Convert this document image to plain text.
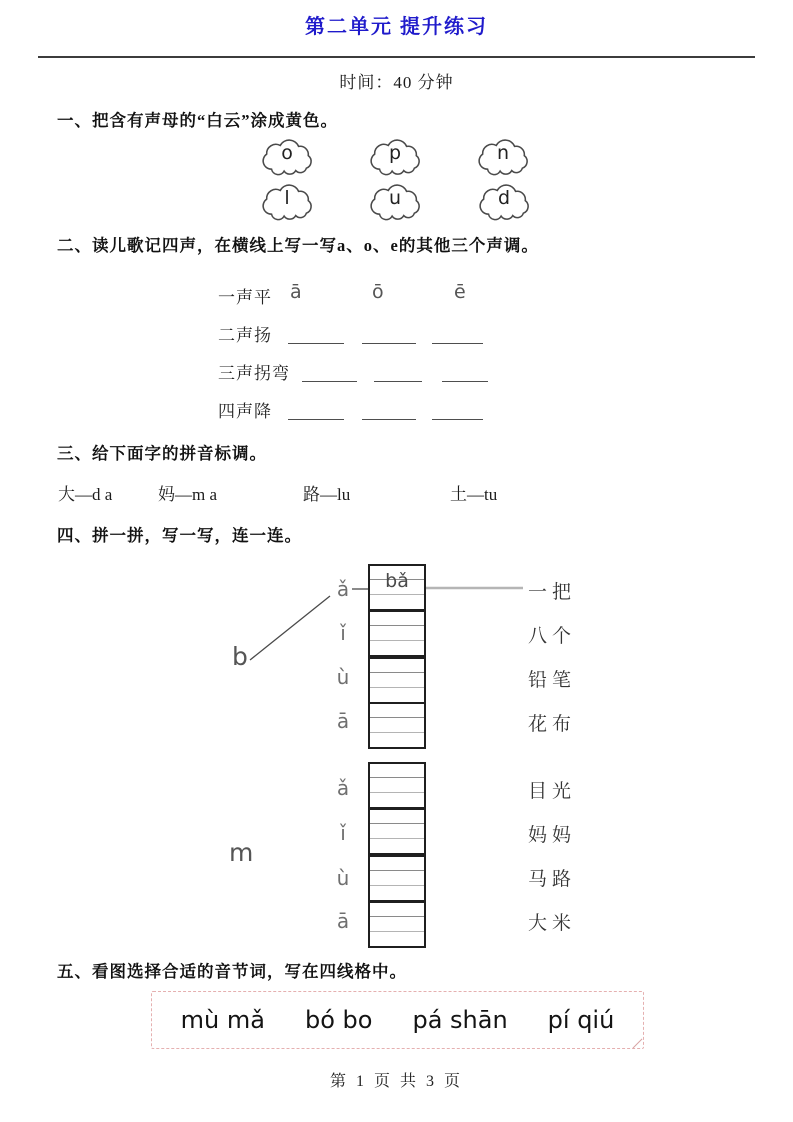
第二单元 提升练习
时间：40 分钟
一、把含有声母的“白云”涂成黄色。
o	p	n
l	u	d
二、读儿歌记四声，在横线上写一写a、o、e的其他三个声调。
一声平 ā	ō	ē
二声扬
三声拐弯
四声降
三、给下面字的拼音标调。
大—d a	妈—m a	路—lu	土—tu
四、拼一拼，写一写，连一连。
b
ǎ
ǐ
ù
ā
bǎ
一把
八个
铅笔
花布
m
ǎ
ǐ
ù
ā
目光
妈妈
马路
大米
五、看图选择合适的音节词，写在四线格中。
mù mǎ bó bo pá shān pí qiú
第 1 页 共 3 页
